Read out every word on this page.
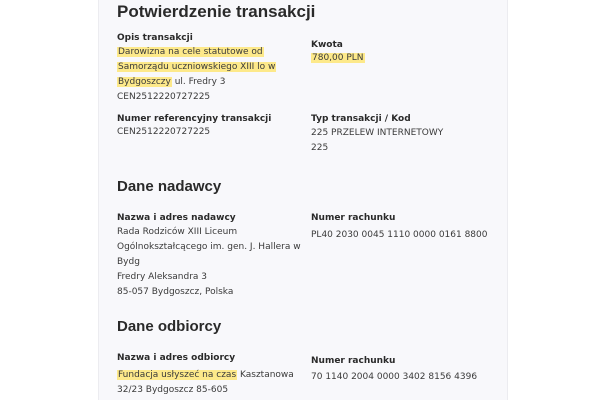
Potwierdzenie transakcji
Opis transakcji
Darowizna na cele statutowe od
Samorządu uczniowskiego XIII lo w
Bydgoszczy ul. Fredry 3
CEN2512220727225
Kwota
780,00 PLN
Numer referencyjny transakcji
CEN2512220727225
Typ transakcji / Kod
225 PRZELEW INTERNETOWY
225
Dane nadawcy
Nazwa i adres nadawcy
Rada Rodziców XIII Liceum
Ogólnokształcącego im. gen. J. Hallera w
Bydg
Fredry Aleksandra 3
85-057 Bydgoszcz, Polska
Numer rachunku
PL40 2030 0045 1110 0000 0161 8800
Dane odbiorcy
Nazwa i adres odbiorcy
Fundacja usłyszeć na czas Kasztanowa
32/23 Bydgoszcz 85-605
Numer rachunku
70 1140 2004 0000 3402 8156 4396
